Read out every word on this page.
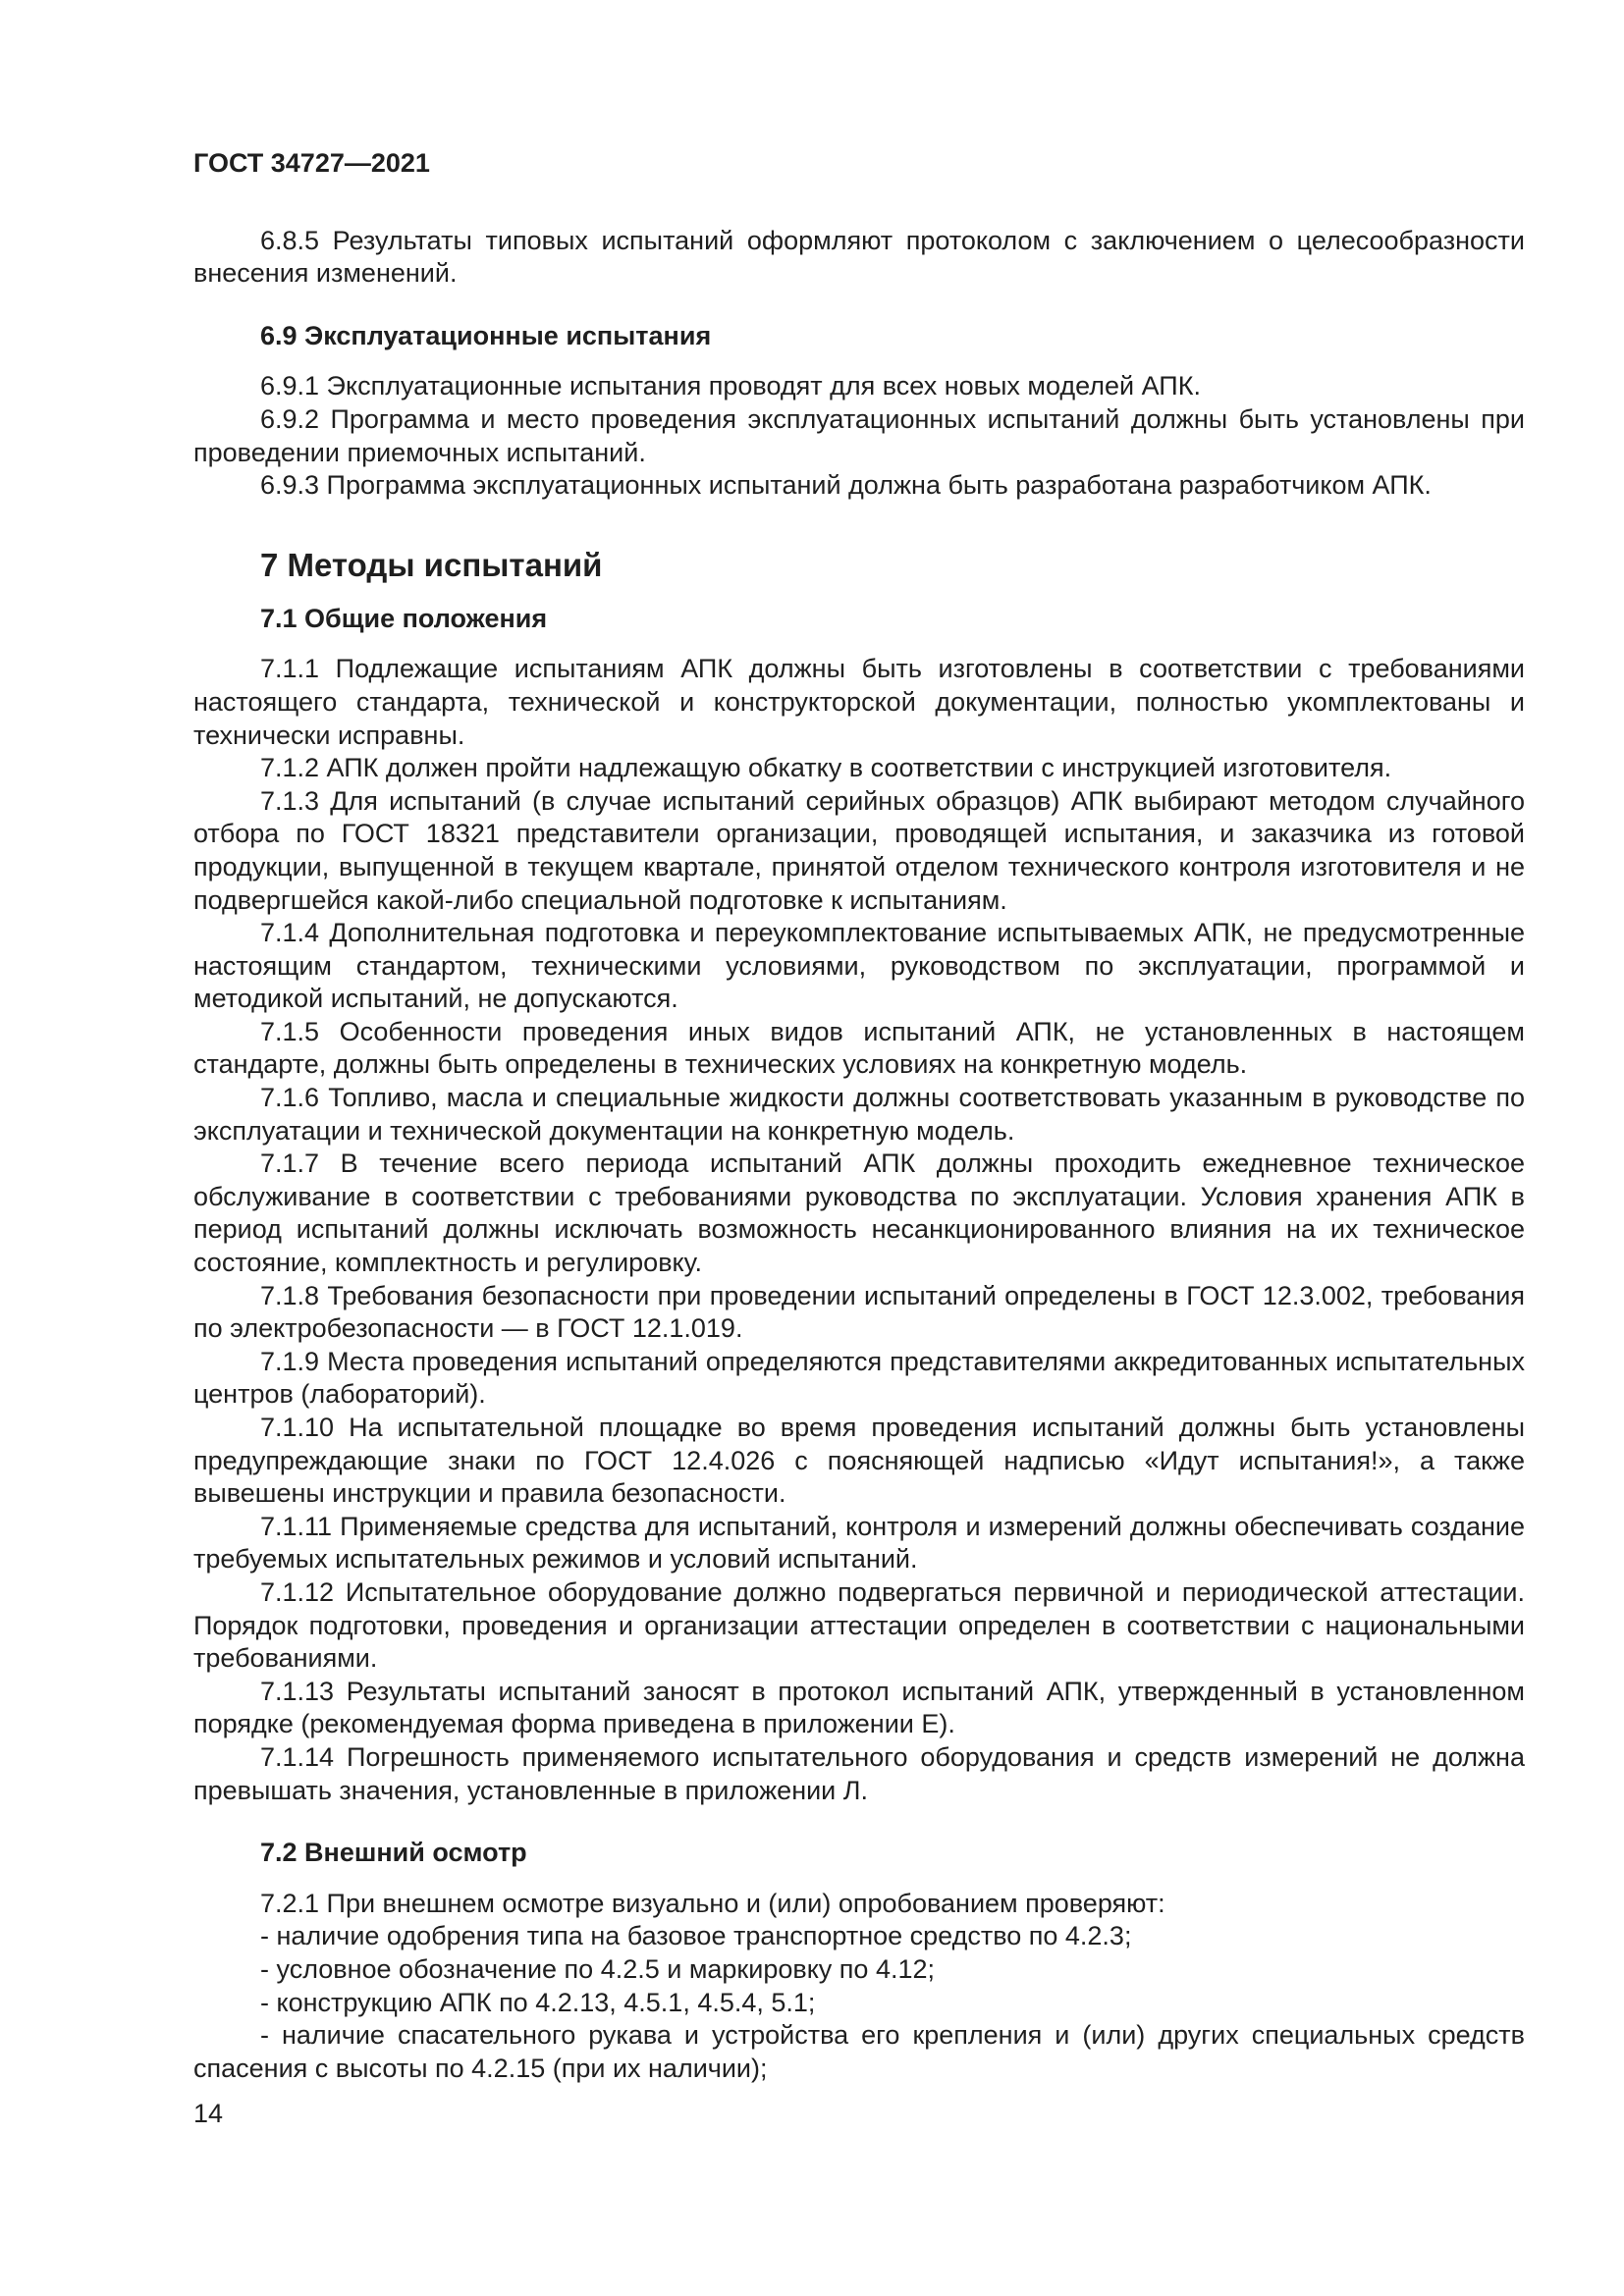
ГОСТ 34727—2021

6.8.5 Результаты типовых испытаний оформляют протоколом с заключением о целесообразности внесения изменений.

6.9 Эксплуатационные испытания

6.9.1 Эксплуатационные испытания проводят для всех новых моделей АПК.

6.9.2 Программа и место проведения эксплуатационных испытаний должны быть установлены при проведении приемочных испытаний.

6.9.3 Программа эксплуатационных испытаний должна быть разработана разработчиком АПК.

7 Методы испытаний
7.1 Общие положения

7.1.1 Подлежащие испытаниям АПК должны быть изготовлены в соответствии с требованиями настоящего стандарта, технической и конструкторской документации, полностью укомплектованы и технически исправны.

7.1.2 АПК должен пройти надлежащую обкатку в соответствии с инструкцией изготовителя.

7.1.3 Для испытаний (в случае испытаний серийных образцов) АПК выбирают методом случайного отбора по ГОСТ 18321 представители организации, проводящей испытания, и заказчика из готовой продукции, выпущенной в текущем квартале, принятой отделом технического контроля изготовителя и не подвергшейся какой-либо специальной подготовке к испытаниям.

7.1.4 Дополнительная подготовка и переукомплектование испытываемых АПК, не предусмотренные настоящим стандартом, техническими условиями, руководством по эксплуатации, программой и методикой испытаний, не допускаются.

7.1.5 Особенности проведения иных видов испытаний АПК, не установленных в настоящем стандарте, должны быть определены в технических условиях на конкретную модель.

7.1.6 Топливо, масла и специальные жидкости должны соответствовать указанным в руководстве по эксплуатации и технической документации на конкретную модель.

7.1.7 В течение всего периода испытаний АПК должны проходить ежедневное техническое обслуживание в соответствии с требованиями руководства по эксплуатации. Условия хранения АПК в период испытаний должны исключать возможность несанкционированного влияния на их техническое состояние, комплектность и регулировку.

7.1.8 Требования безопасности при проведении испытаний определены в ГОСТ 12.3.002, требования по электробезопасности — в ГОСТ 12.1.019.

7.1.9 Места проведения испытаний определяются представителями аккредитованных испытательных центров (лабораторий).

7.1.10 На испытательной площадке во время проведения испытаний должны быть установлены предупреждающие знаки по ГОСТ 12.4.026 с поясняющей надписью «Идут испытания!», а также вывешены инструкции и правила безопасности.

7.1.11 Применяемые средства для испытаний, контроля и измерений должны обеспечивать создание требуемых испытательных режимов и условий испытаний.

7.1.12 Испытательное оборудование должно подвергаться первичной и периодической аттестации. Порядок подготовки, проведения и организации аттестации определен в соответствии с национальными требованиями.

7.1.13 Результаты испытаний заносят в протокол испытаний АПК, утвержденный в установленном порядке (рекомендуемая форма приведена в приложении Е).

7.1.14 Погрешность применяемого испытательного оборудования и средств измерений не должна превышать значения, установленные в приложении Л.

7.2 Внешний осмотр

7.2.1 При внешнем осмотре визуально и (или) опробованием проверяют:

- наличие одобрения типа на базовое транспортное средство по 4.2.3;

- условное обозначение по 4.2.5 и маркировку по 4.12;

- конструкцию АПК по 4.2.13, 4.5.1, 4.5.4, 5.1;

- наличие спасательного рукава и устройства его крепления и (или) других специальных средств спасения с высоты по 4.2.15 (при их наличии);

14
